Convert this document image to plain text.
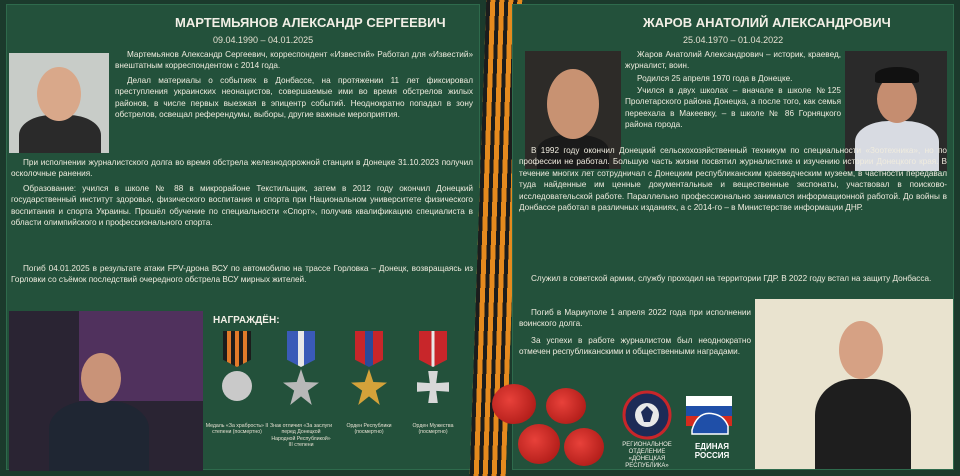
МАРТЕМЬЯНОВ АЛЕКСАНДР СЕРГЕЕВИЧ
09.04.1990 – 04.01.2025
Мартемьянов Александр Сергеевич, корреспондент «Известий» Работал для «Известий» внештатным корреспондентом с 2014 года.
Делал материалы о событиях в Донбассе, на протяжении 11 лет фиксировал преступления украинских неонацистов, совершаемые ими во время обстрелов жилых районов, в числе первых выезжая в эпицентр событий. Неоднократно попадал в зону обстрелов, освещал референдумы, выборы, другие важные мероприятия.
При исполнении журналистского долга во время обстрела железнодорожной станции в Донецке 31.10.2023 получил осколочные ранения.
Образование: учился в школе № 88 в микрорайоне Текстильщик, затем в 2012 году окончил Донецкий государственный институт здоровья, физического воспитания и спорта при Национальном университете физического воспитания и спорта Украины. Прошёл обучение по специальности «Спорт», получив квалификацию специалиста в области олимпийского и профессионального спорта.
Погиб 04.01.2025 в результате атаки FPV-дрона ВСУ по автомобилю на трассе Горловка – Донецк, возвращаясь из Горловки со съёмок последствий очередного обстрела ВСУ мирных жителей.
НАГРАЖДЁН:
Медаль «За храбрость» II степени (посмертно)
Знак отличия «За заслуги перед Донецкой Народной Республикой» III степени
Орден Республики (посмертно)
Орден Мужества (посмертно)
ЖАРОВ АНАТОЛИЙ АЛЕКСАНДРОВИЧ
25.04.1970 – 01.04.2022
Жаров Анатолий Александрович – историк, краевед, журналист, воин.
Родился 25 апреля 1970 года в Донецке.
Учился в двух школах – вначале в школе №125 Пролетарского района Донецка, а после того, как семья переехала в Макеевку, – в школе № 86 Горняцкого района города.
В 1992 году окончил Донецкий сельскохозяйственный техникум по специальности «Зоотехника», но по профессии не работал. Большую часть жизни посвятил журналистике и изучению истории Донецкого края. В течение многих лет сотрудничал с Донецким республиканским краеведческим музеем, в частности передавал туда найденные им ценные документальные и вещественные экспонаты, участвовал в поисково-исследовательской работе. Параллельно профессионально занимался информационной работой. До войны в Донбассе работал в различных изданиях, а с 2014-го – в Министерстве информации ДНР.
Служил в советской армии, службу проходил на территории ГДР. В 2022 году встал на защиту Донбасса.
Погиб в Мариуполе 1 апреля 2022 года при исполнении воинского долга.
За успехи в работе журналистом был неоднократно отмечен республиканскими и общественными наградами.
РЕГИОНАЛЬНОЕ ОТДЕЛЕНИЕ «ДОНЕЦКАЯ РЕСПУБЛИКА»
ЕДИНАЯ РОССИЯ
